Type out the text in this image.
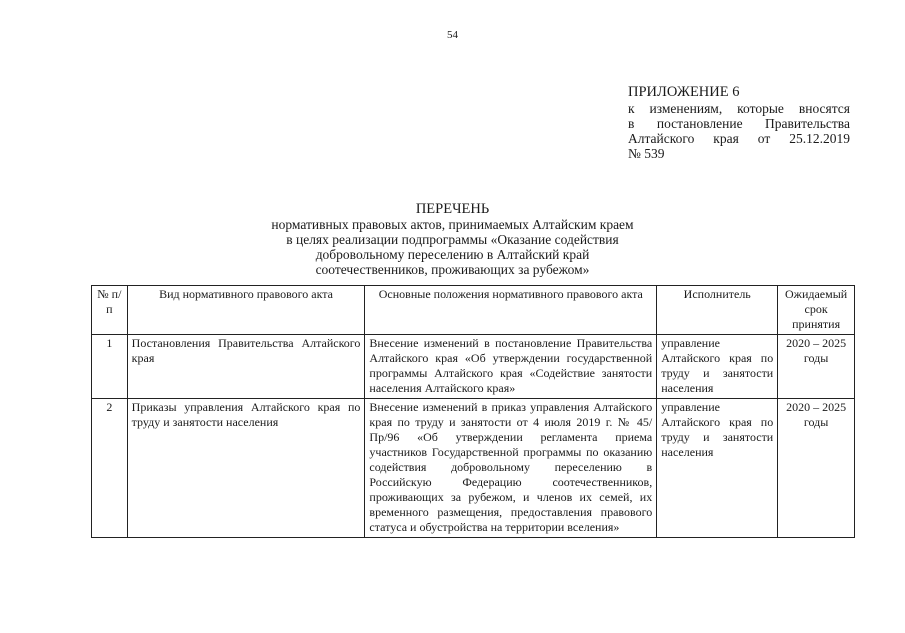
54
ПРИЛОЖЕНИЕ 6
к изменениям, которые вносятся
в постановление Правительства
Алтайского края от 25.12.2019
№ 539
ПЕРЕЧЕНЬ
нормативных правовых актов, принимаемых Алтайским краем
в целях реализации подпрограммы «Оказание содействия
добровольному переселению в Алтайский край
соотечественников, проживающих за рубежом»
№ п/п	Вид нормативного правового акта	Основные положения нормативного правового акта	Исполнитель	Ожидаемый срок принятия
1	Постановления Правительства Алтайского края	Внесение изменений в постановление Правительства Алтайского края «Об утверждении государственной программы Алтайского края «Содействие занятости населения Алтайского края»	управление Алтайского края по труду и занятости населения	2020 – 2025 годы
2	Приказы управления Алтайского края по труду и занятости населения	Внесение изменений в приказ управления Алтайского края по труду и занятости от 4 июля 2019 г. № 45/Пр/96 «Об утверждении регламента приема участников Государственной программы по оказанию содействия добровольному переселению в Российскую Федерацию соотечественников, проживающих за рубежом, и членов их семей, их временного размещения, предоставления правового статуса и обустройства на территории вселения»	управление Алтайского края по труду и занятости населения	2020 – 2025 годы
